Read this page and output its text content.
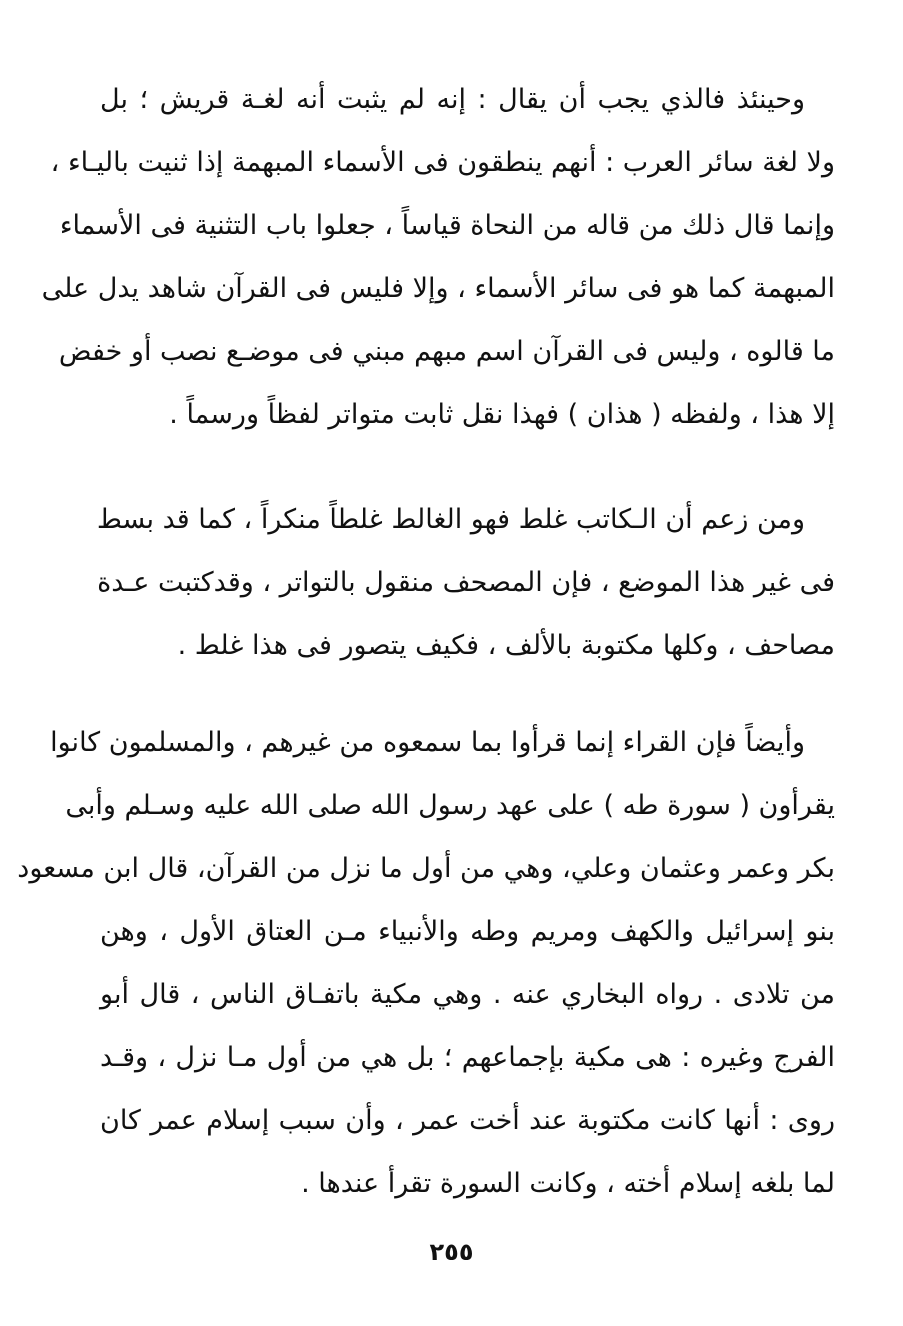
وحينئذ فالذي يجب أن يقال : إنه لم يثبت أنه لغـة قريش ؛ بل
ولا لغة سائر العرب : أنهم ينطقون فى الأسماء المبهمة إذا ثنيت باليـاء ،
وإنما قال ذلك من قاله من النحاة قياساً ، جعلوا باب التثنية فى الأسماء
المبهمة كما هو فى سائر الأسماء ، وإلا فليس فى القرآن شاهد يدل على
ما قالوه ، وليس فى القرآن اسم مبهم مبني فى موضـع نصب أو خفض
إلا هذا ، ولفظه ( هذان ) فهذا نقل ثابت متواتر لفظاً ورسماً .
ومن زعم أن الـكاتب غلط فهو الغالط غلطاً منكراً ، كما قد بسط
فى غير هذا الموضع ، فإن المصحف منقول بالتواتر ، وقدكتبت عـدة
مصاحف ، وكلها مكتوبة بالألف ، فكيف يتصور فى هذا غلط .
وأيضاً فإن القراء إنما قرأوا بما سمعوه من غيرهم ، والمسلمون كانوا
يقرأون ( سورة طه ) على عهد رسول الله صلى الله عليه وسـلم وأبى
بكر وعمر وعثمان وعلي، وهي من أول ما نزل من القرآن، قال ابن مسعود
بنو إسرائيل والكهف ومريم وطه والأنبياء مـن العتاق الأول ، وهن
من تلادى . رواه البخاري عنه . وهي مكية باتفـاق الناس ، قال أبو
الفرج وغيره : هى مكية بإجماعهم ؛ بل هي من أول مـا نزل ، وقـد
روى : أنها كانت مكتوبة عند أخت عمر ، وأن سبب إسلام عمر كان
لما بلغه إسلام أخته ، وكانت السورة تقرأ عندها .
٢٥٥
